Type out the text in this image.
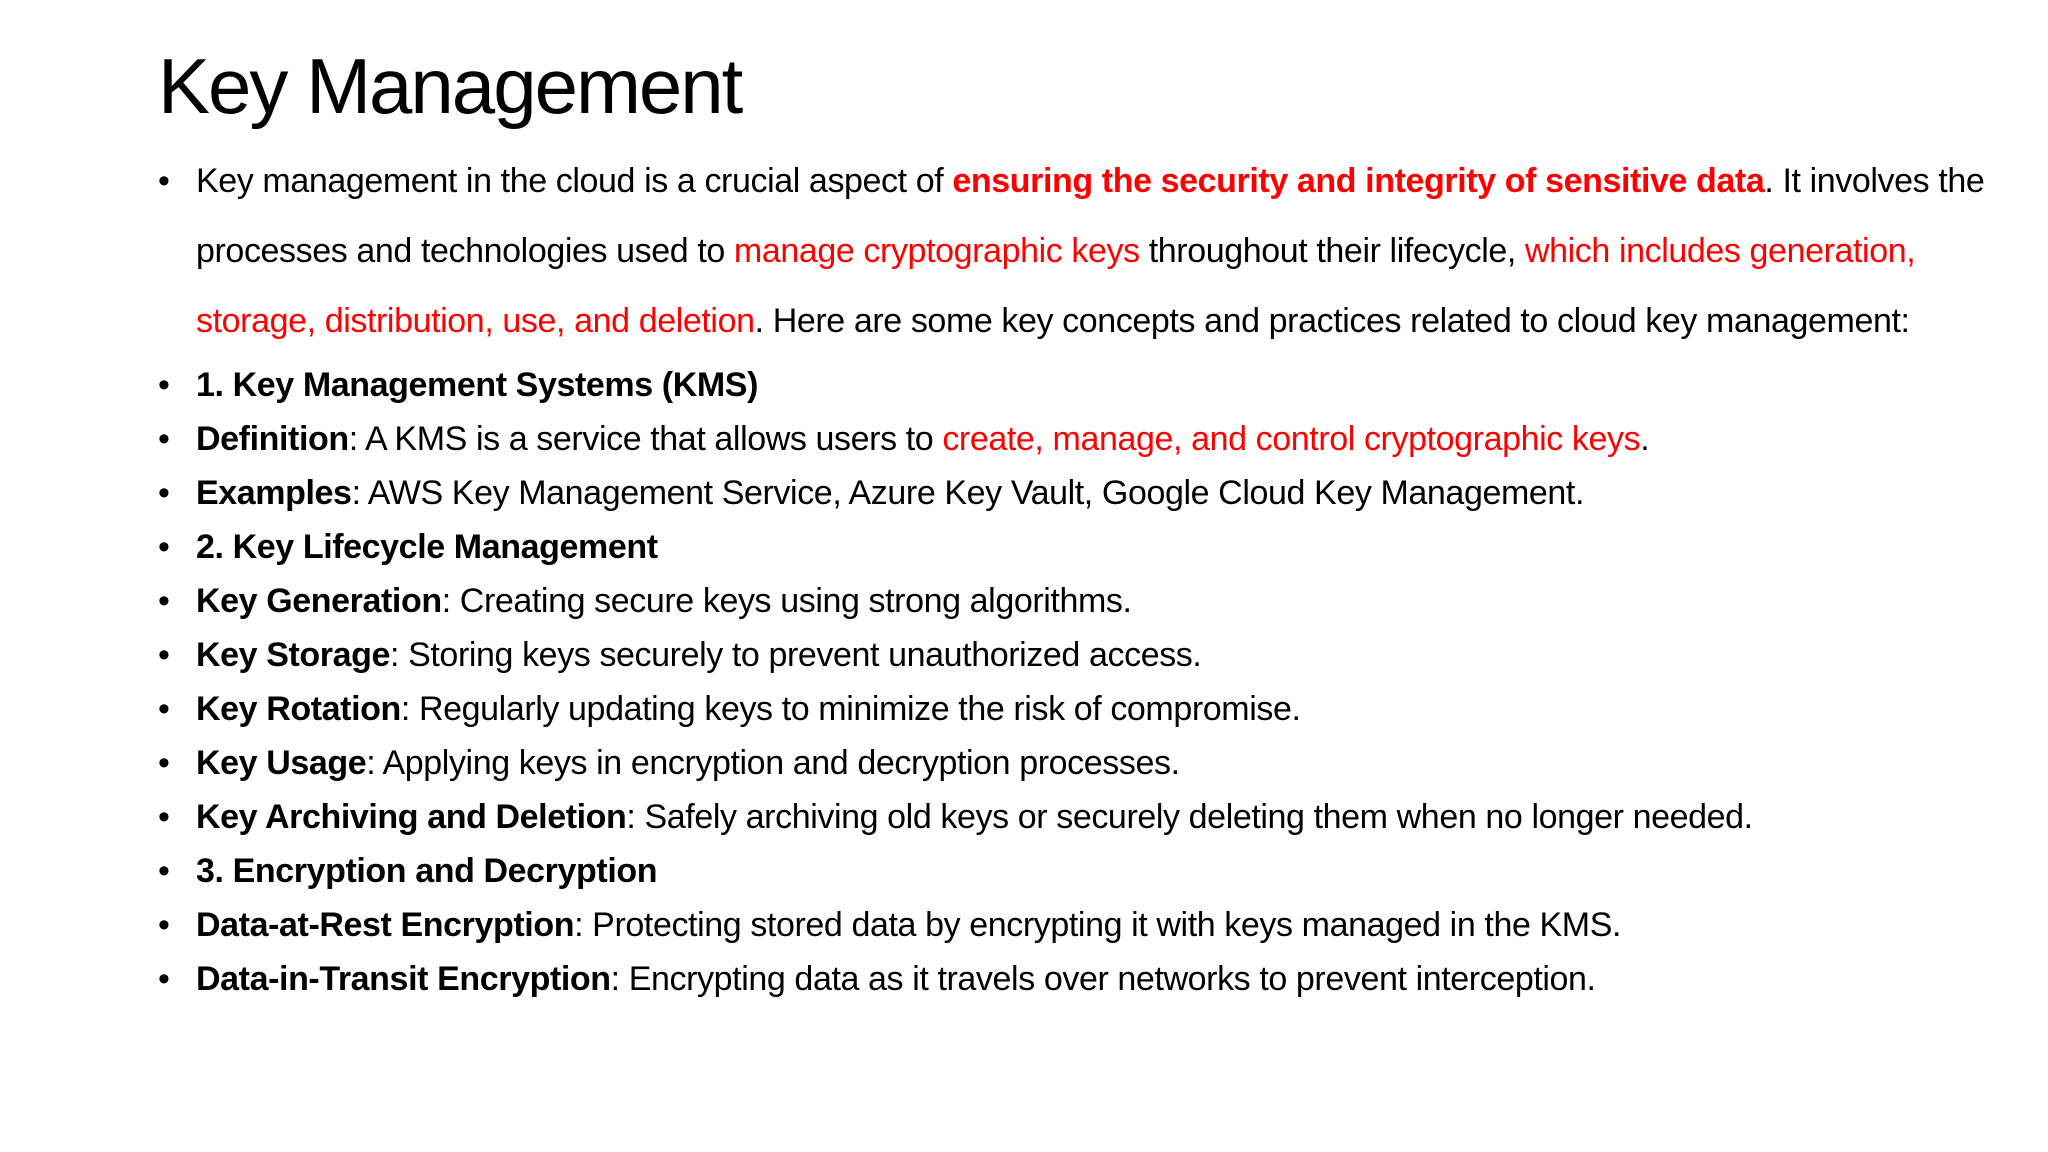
Key Management
• Key management in the cloud is a crucial aspect of ensuring the security and integrity of sensitive data. It involves the processes and technologies used to manage cryptographic keys throughout their lifecycle, which includes generation, storage, distribution, use, and deletion. Here are some key concepts and practices related to cloud key management:
• 1. Key Management Systems (KMS)
• Definition: A KMS is a service that allows users to create, manage, and control cryptographic keys.
• Examples: AWS Key Management Service, Azure Key Vault, Google Cloud Key Management.
• 2. Key Lifecycle Management
• Key Generation: Creating secure keys using strong algorithms.
• Key Storage: Storing keys securely to prevent unauthorized access.
• Key Rotation: Regularly updating keys to minimize the risk of compromise.
• Key Usage: Applying keys in encryption and decryption processes.
• Key Archiving and Deletion: Safely archiving old keys or securely deleting them when no longer needed.
• 3. Encryption and Decryption
• Data-at-Rest Encryption: Protecting stored data by encrypting it with keys managed in the KMS.
• Data-in-Transit Encryption: Encrypting data as it travels over networks to prevent interception.
